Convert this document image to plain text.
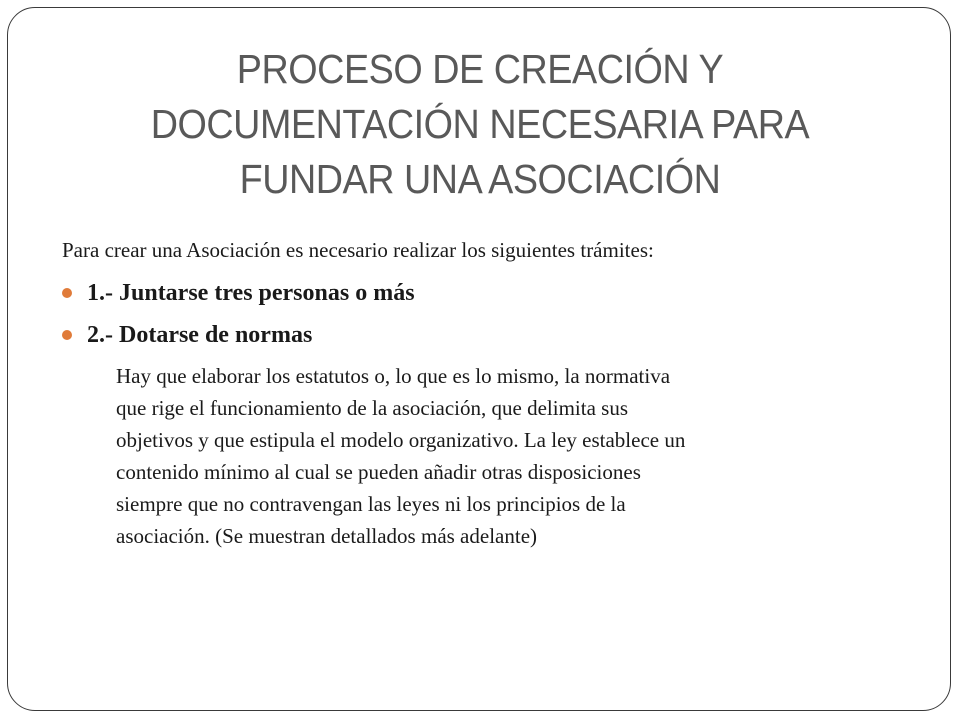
PROCESO DE CREACIÓN Y
DOCUMENTACIÓN NECESARIA PARA
FUNDAR UNA ASOCIACIÓN

Para crear una Asociación es necesario realizar los siguientes trámites:

1.- Juntarse tres personas o más
2.- Dotarse de normas
Hay que elaborar los estatutos o, lo que es lo mismo, la normativa
que rige el funcionamiento de la asociación, que delimita sus
objetivos y que estipula el modelo organizativo. La ley establece un
contenido mínimo al cual se pueden añadir otras disposiciones
siempre que no contravengan las leyes ni los principios de la
asociación. (Se muestran detallados más adelante)
